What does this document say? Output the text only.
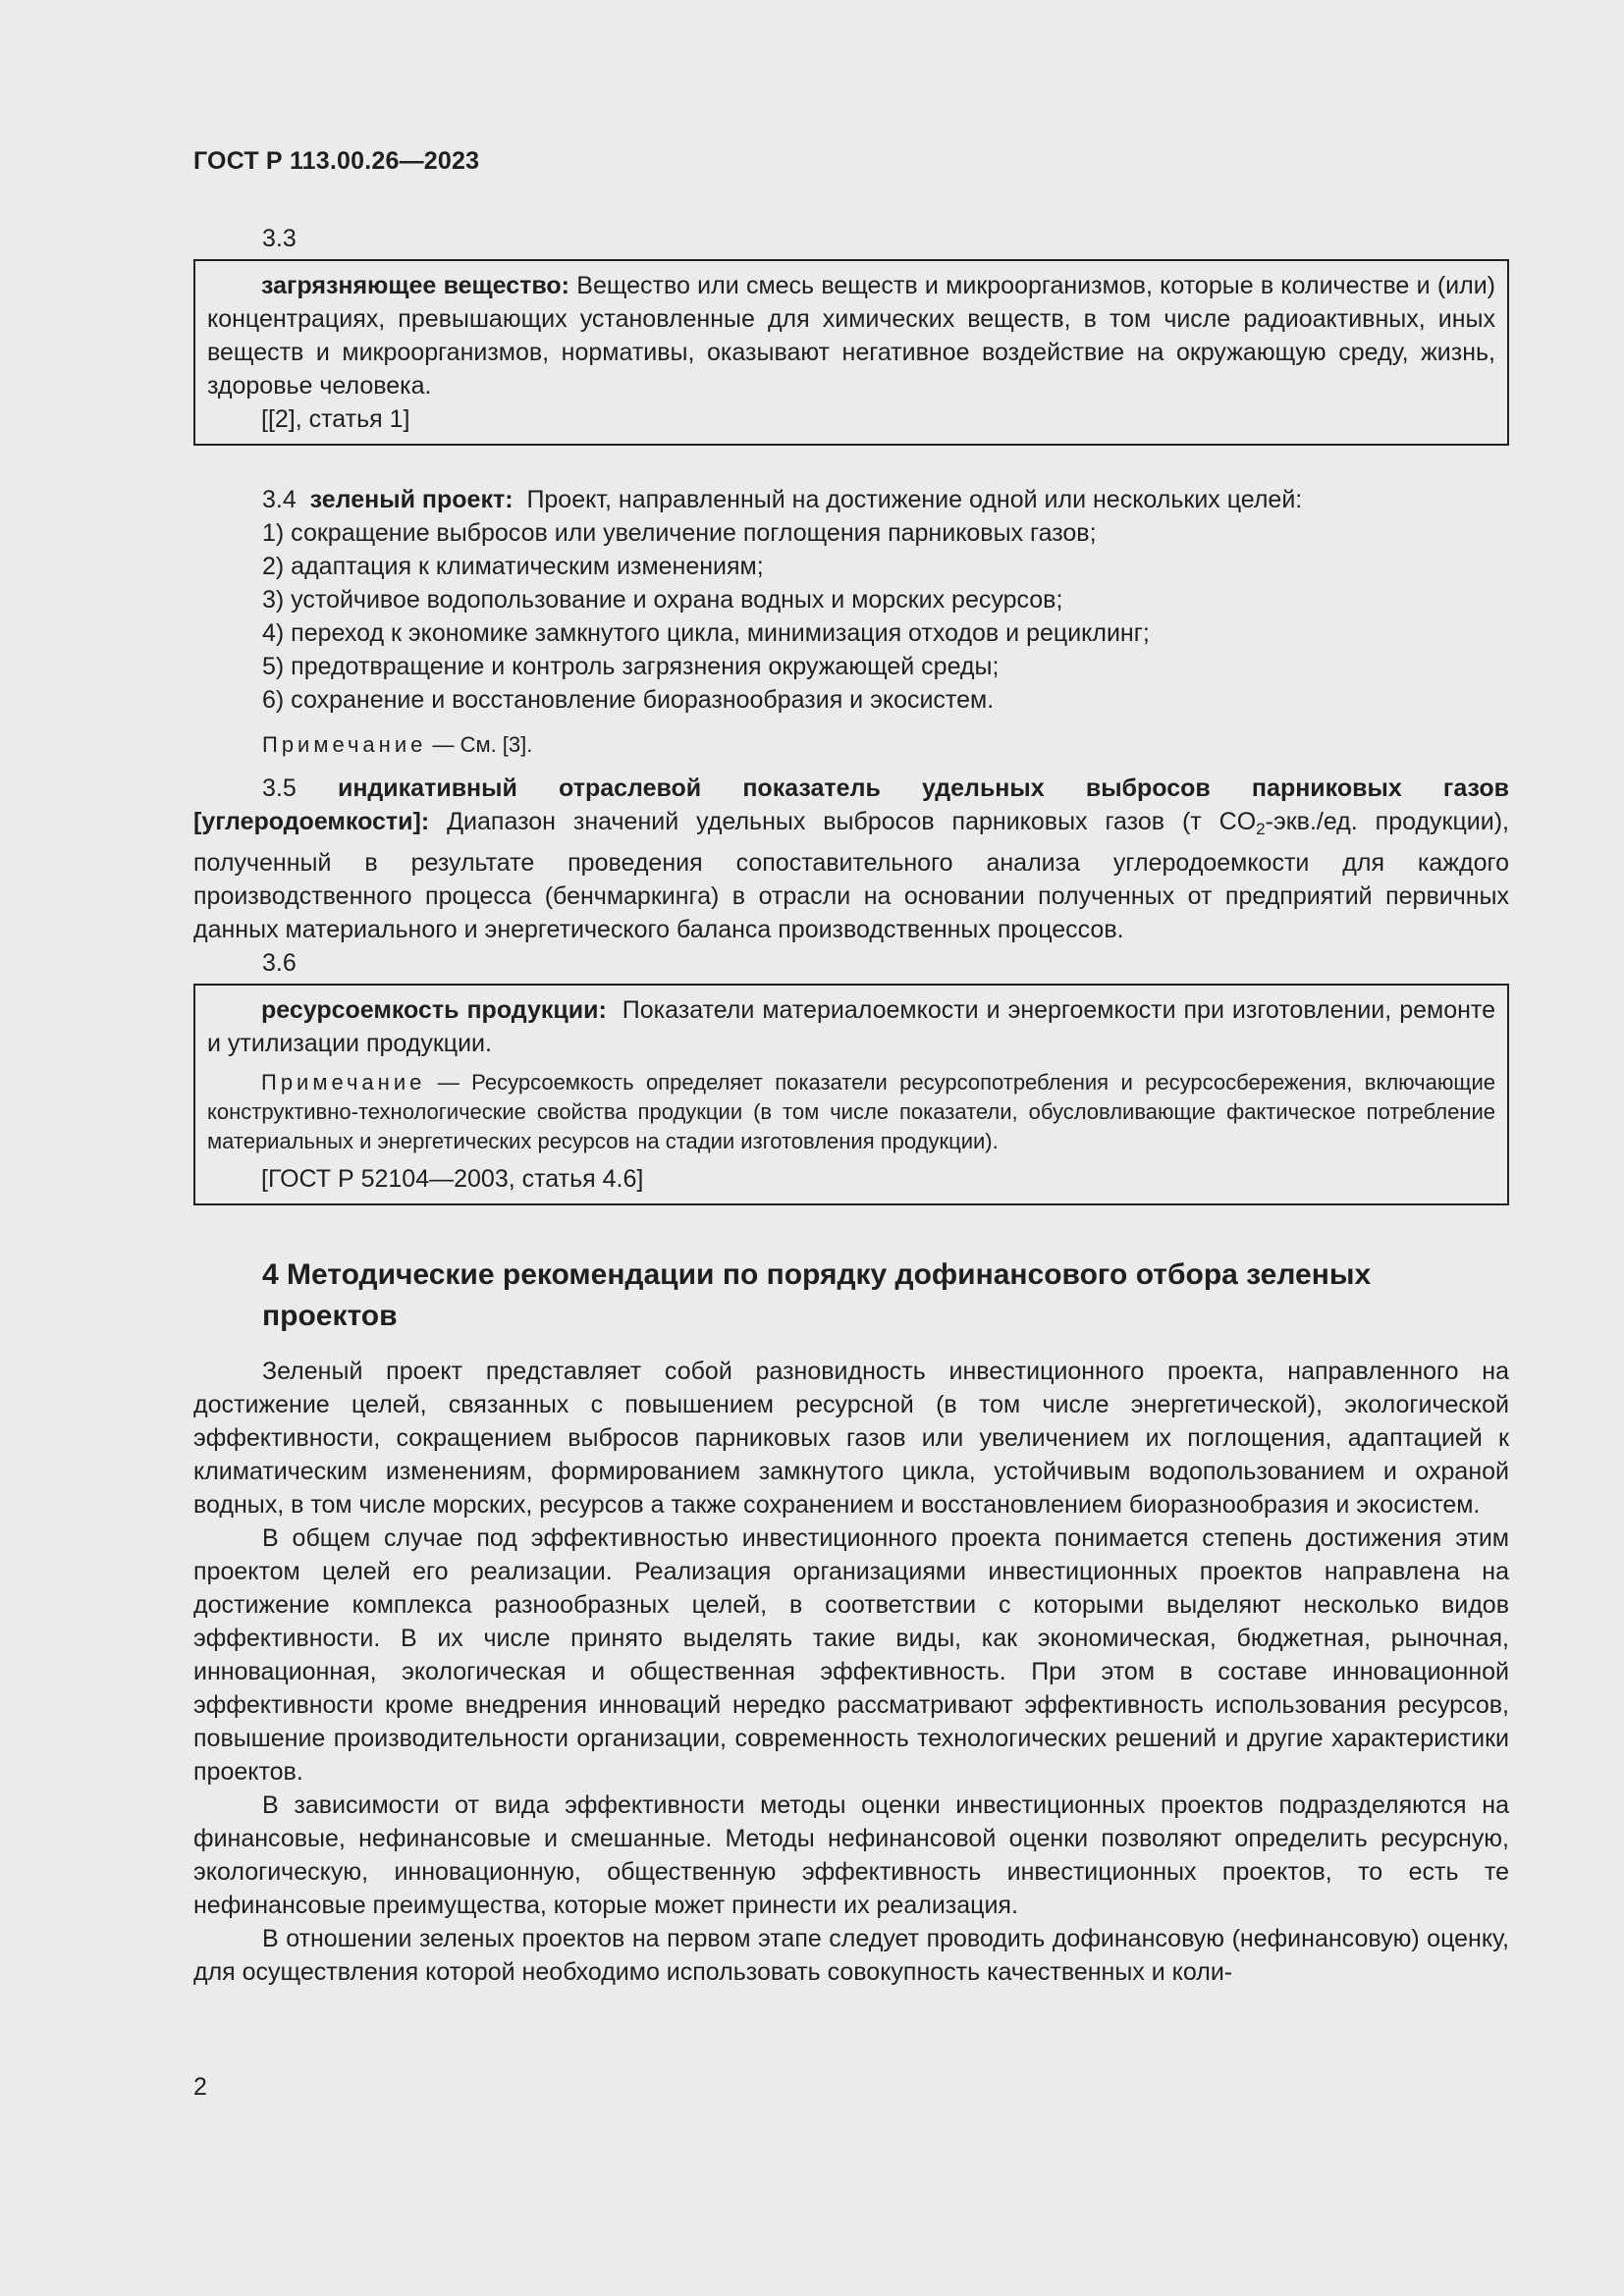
ГОСТ Р 113.00.26—2023
3.3

загрязняющее вещество: Вещество или смесь веществ и микроорганизмов, которые в количестве и (или) концентрациях, превышающих установленные для химических веществ, в том числе радиоактивных, иных веществ и микроорганизмов, нормативы, оказывают негативное воздействие на окружающую среду, жизнь, здоровье человека.

[[2], статья 1]

3.4 зеленый проект: Проект, направленный на достижение одной или нескольких целей:

1) сокращение выбросов или увеличение поглощения парниковых газов;

2) адаптация к климатическим изменениям;

3) устойчивое водопользование и охрана водных и морских ресурсов;

4) переход к экономике замкнутого цикла, минимизация отходов и рециклинг;

5) предотвращение и контроль загрязнения окружающей среды;

6) сохранение и восстановление биоразнообразия и экосистем.

Примечание — См. [3].

3.5 индикативный отраслевой показатель удельных выбросов парниковых газов [углеродоемкости]: Диапазон значений удельных выбросов парниковых газов (т $CO_2-экв./ед$. продукции), полученный в результате проведения сопоставительного анализа углеродоемкости для каждого производственного процесса (бенчмаркинга) в отрасли на основании полученных от предприятий первичных данных материального и энергетического баланса производственных процессов.

3.6

ресурсоемкость продукции: Показатели материалоемкости и энергоемкости при изготовлении, ремонте и утилизации продукции.

Примечание — Ресурсоемкость определяет показатели ресурсопотребления и ресурсосбережения, включающие конструктивно-технологические свойства продукции (в том числе показатели, обусловливающие фактическое потребление материальных и энергетических ресурсов на стадии изготовления продукции).

[ГОСТ Р 52104—2003, статья 4.6]

4 Методические рекомендации по порядку дофинансового отбора зеленых проектов

Зеленый проект представляет собой разновидность инвестиционного проекта, направленного на достижение целей, связанных с повышением ресурсной (в том числе энергетической), экологической эффективности, сокращением выбросов парниковых газов или увеличением их поглощения, адаптацией к климатическим изменениям, формированием замкнутого цикла, устойчивым водопользованием и охраной водных, в том числе морских, ресурсов а также сохранением и восстановлением биоразнообразия и экосистем.

В общем случае под эффективностью инвестиционного проекта понимается степень достижения этим проектом целей его реализации. Реализация организациями инвестиционных проектов направлена на достижение комплекса разнообразных целей, в соответствии с которыми выделяют несколько видов эффективности. В их числе принято выделять такие виды, как экономическая, бюджетная, рыночная, инновационная, экологическая и общественная эффективность. При этом в составе инновационной эффективности кроме внедрения инноваций нередко рассматривают эффективность использования ресурсов, повышение производительности организации, современность технологических решений и другие характеристики проектов.

В зависимости от вида эффективности методы оценки инвестиционных проектов подразделяются на финансовые, нефинансовые и смешанные. Методы нефинансовой оценки позволяют определить ресурсную, экологическую, инновационную, общественную эффективность инвестиционных проектов, то есть те нефинансовые преимущества, которые может принести их реализация.

В отношении зеленых проектов на первом этапе следует проводить дофинансовую (нефинансовую) оценку, для осуществления которой необходимо использовать совокупность качественных и коли-

2
